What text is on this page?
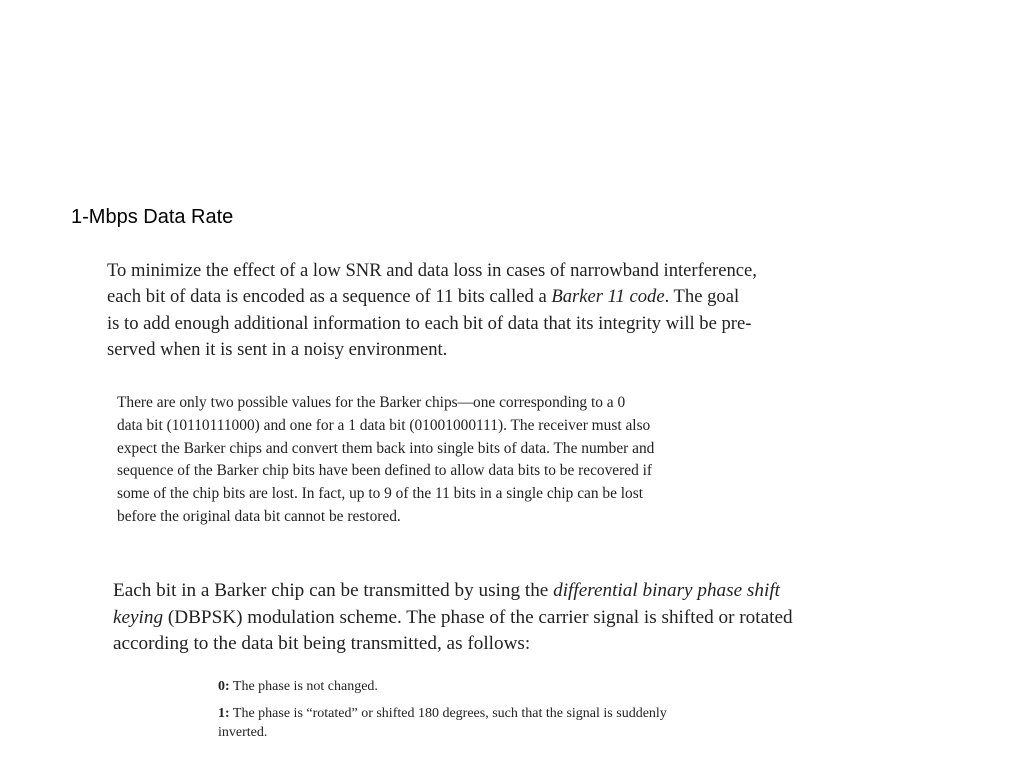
1-Mbps Data Rate
To minimize the effect of a low SNR and data loss in cases of narrowband interference,
each bit of data is encoded as a sequence of 11 bits called a Barker 11 code. The goal
is to add enough additional information to each bit of data that its integrity will be pre-
served when it is sent in a noisy environment.
There are only two possible values for the Barker chips—one corresponding to a 0
data bit (10110111000) and one for a 1 data bit (01001000111). The receiver must also
expect the Barker chips and convert them back into single bits of data. The number and
sequence of the Barker chip bits have been defined to allow data bits to be recovered if
some of the chip bits are lost. In fact, up to 9 of the 11 bits in a single chip can be lost
before the original data bit cannot be restored.
Each bit in a Barker chip can be transmitted by using the differential binary phase shift
keying (DBPSK) modulation scheme. The phase of the carrier signal is shifted or rotated
according to the data bit being transmitted, as follows:

0: The phase is not changed.

1: The phase is “rotated” or shifted 180 degrees, such that the signal is suddenly
inverted.
